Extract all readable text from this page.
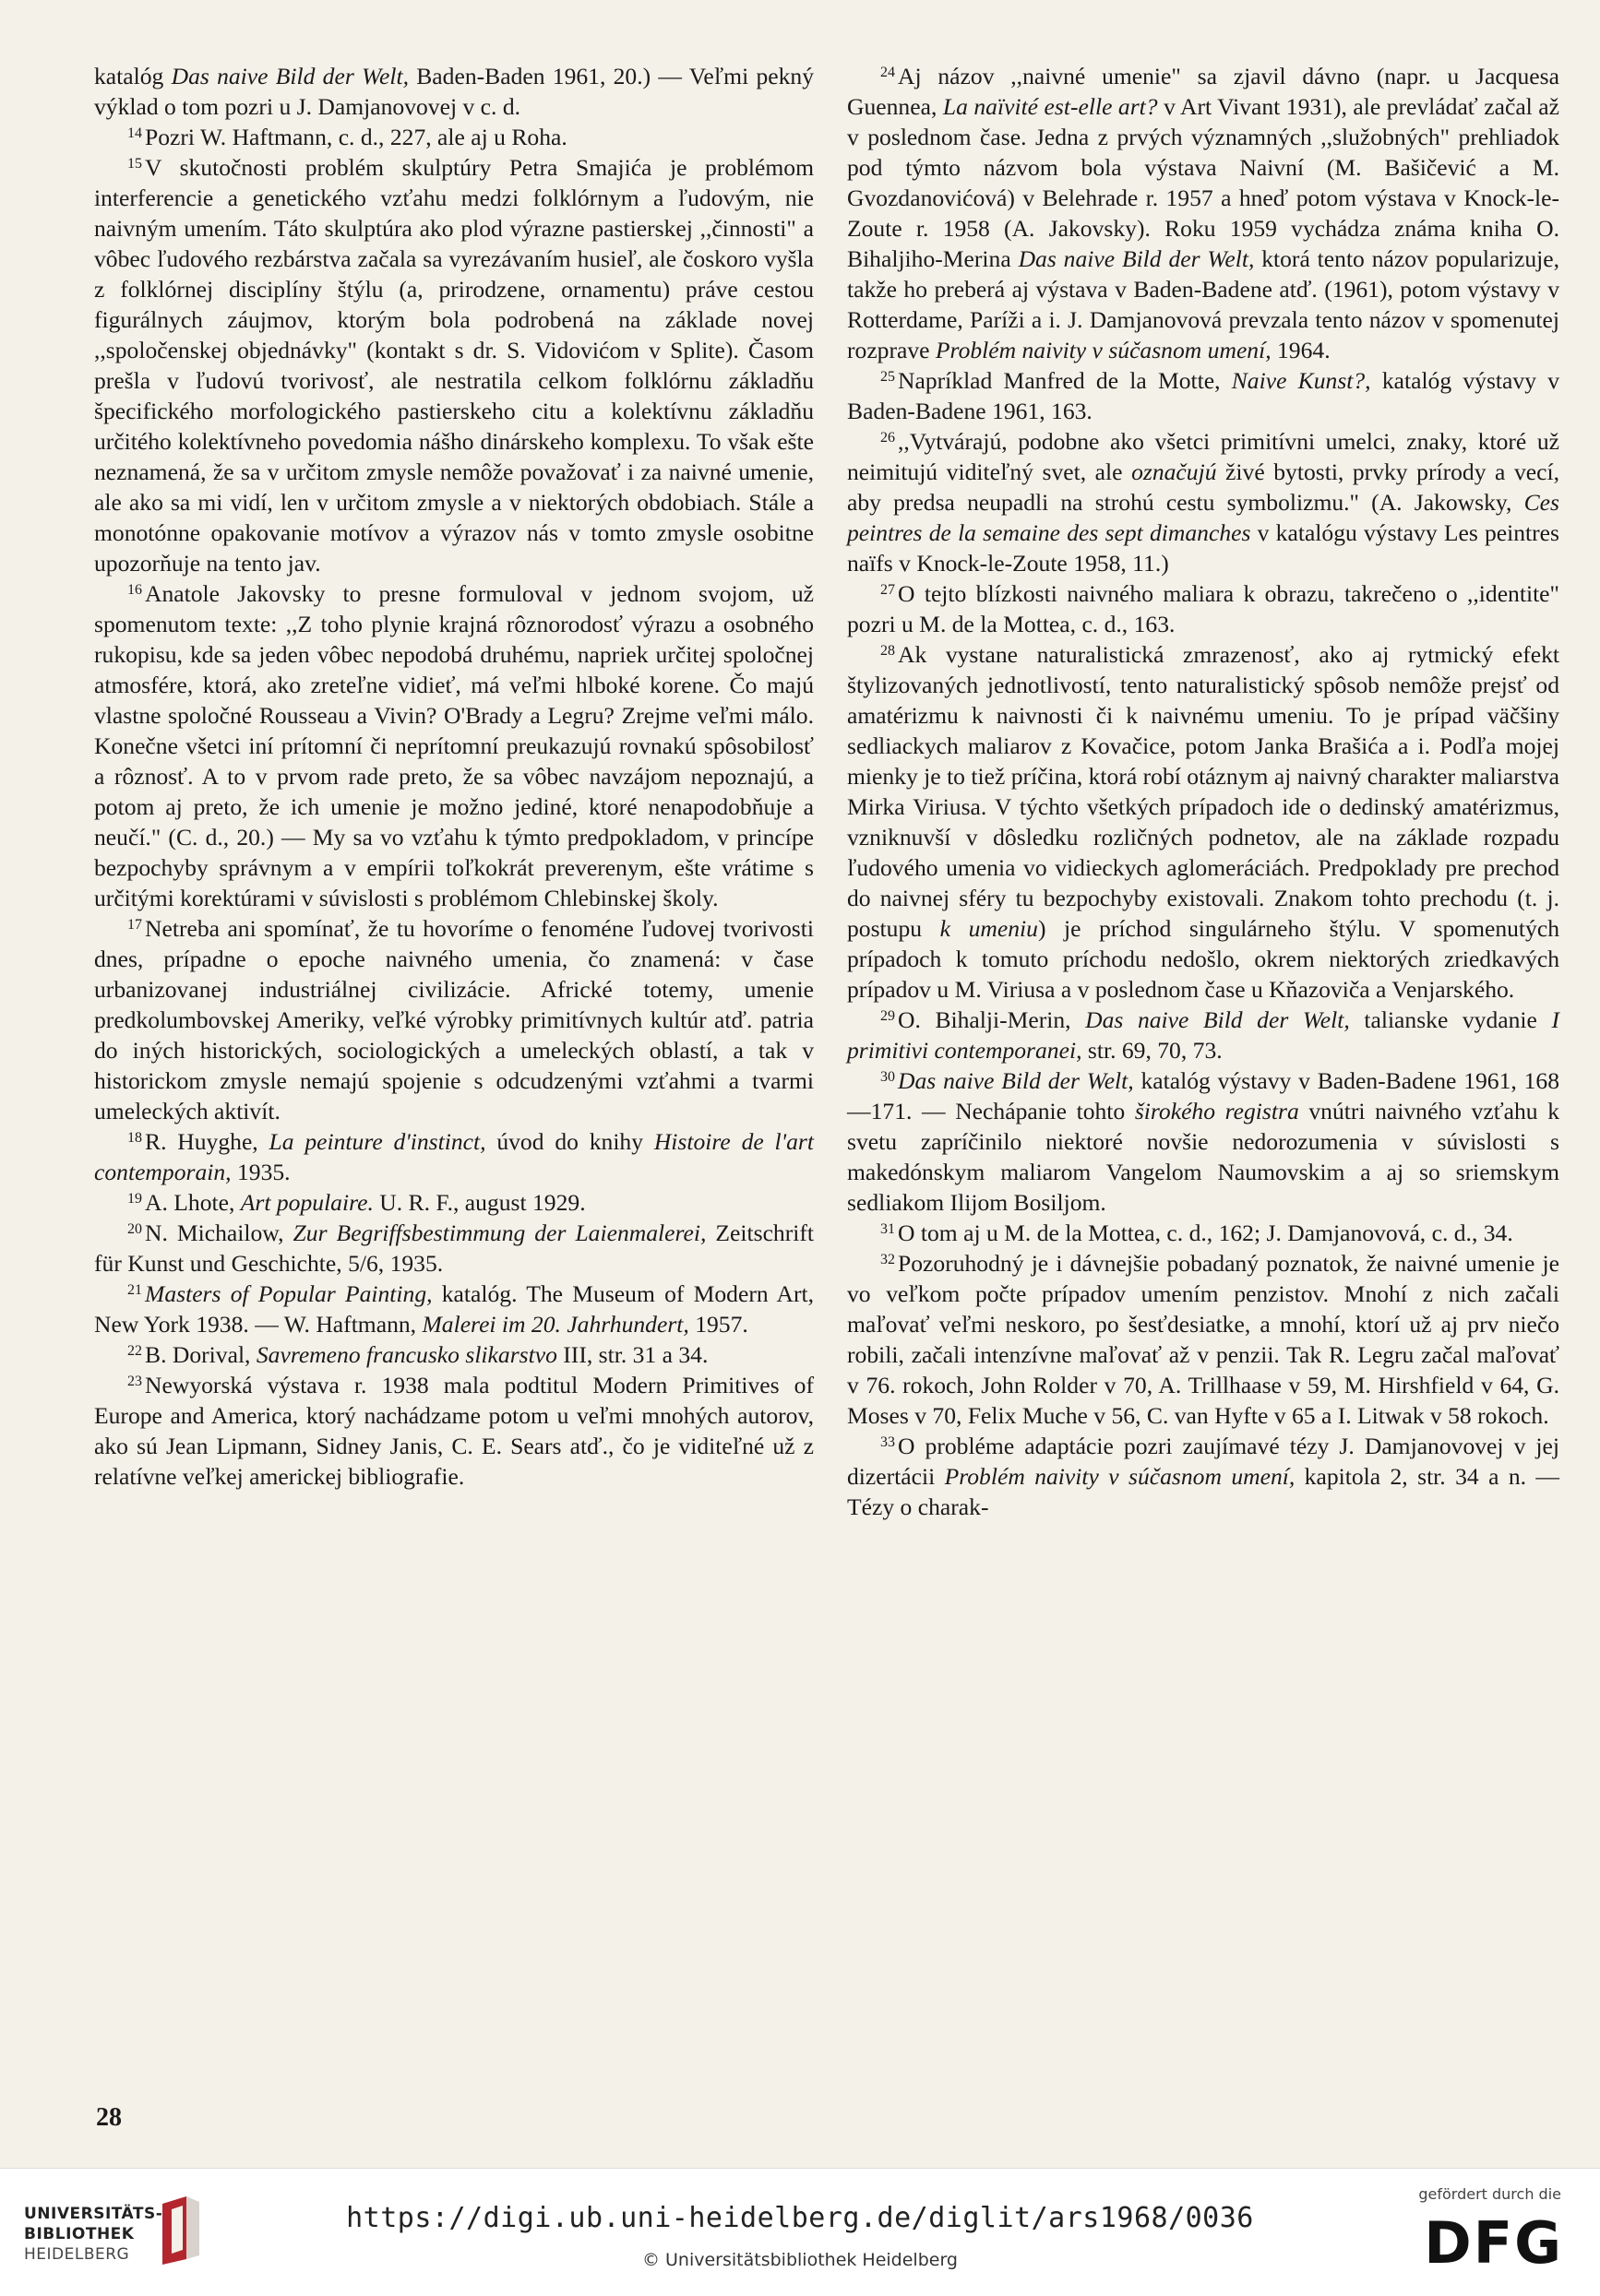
katalóg Das naive Bild der Welt, Baden-Baden 1961, 20.) — Veľmi pekný výklad o tom pozri u J. Damjanovovej v c. d.

$^{14}$ Pozri W. Haftmann, c. d., 227, ale aj u Roha.

$^{15}$ V skutočnosti problém skulptúry Petra Smajića je problémom interferencie a genetického vzťahu medzi folklórnym a ľudovým, nie naivným umením. Táto skulptúra ako plod výrazne pastierskej ,,činnosti" a vôbec ľudového rezbárstva začala sa vyrezávaním husieľ, ale čoskoro vyšla z folklórnej disciplíny štýlu (a, prirodzene, ornamentu) práve cestou figurálnych záujmov, ktorým bola podrobená na základe novej ,,spoločenskej objednávky" (kontakt s dr. S. Vidovićom v Splite). Časom prešla v ľudovú tvorivosť, ale nestratila celkom folklórnu základňu špecifického morfologického pastierskeho citu a kolektívnu základňu určitého kolektívneho povedomia nášho dinárskeho komplexu. To však ešte neznamená, že sa v určitom zmysle nemôže považovať i za naivné umenie, ale ako sa mi vidí, len v určitom zmysle a v niektorých obdobiach. Stále a monotónne opakovanie motívov a výrazov nás v tomto zmysle osobitne upozorňuje na tento jav.

$^{16}$ Anatole Jakovsky to presne formuloval v jednom svojom, už spomenutom texte: ,,Z toho plynie krajná rôznorodosť výrazu a osobného rukopisu, kde sa jeden vôbec nepodobá druhému, napriek určitej spoločnej atmosfére, ktorá, ako zreteľne vidieť, má veľmi hlboké korene. Čo majú vlastne spoločné Rousseau a Vivin? O'Brady a Legru? Zrejme veľmi málo. Konečne všetci iní prítomní či neprítomní preukazujú rovnakú spôsobilosť a rôznosť. A to v prvom rade preto, že sa vôbec navzájom nepoznajú, a potom aj preto, že ich umenie je možno jediné, ktoré nenapodobňuje a neučí." (C. d., 20.) — My sa vo vzťahu k týmto predpokladom, v princípe bezpochyby správnym a v empírii toľkokrát preverenym, ešte vrátime s určitými korektúrami v súvislosti s problémom Chlebinskej školy.

$^{17}$ Netreba ani spomínať, že tu hovoríme o fenoméne ľudovej tvorivosti dnes, prípadne o epoche naivného umenia, čo znamená: v čase urbanizovanej industriálnej civilizácie. Africké totemy, umenie predkolumbovskej Ameriky, veľké výrobky primitívnych kultúr atď. patria do iných historických, sociologických a umeleckých oblastí, a tak v historickom zmysle nemajú spojenie s odcudzenými vzťahmi a tvarmi umeleckých aktivít.

$^{18}$ R. Huyghe, La peinture d'instinct, úvod do knihy Histoire de l'art contemporain, 1935.

$^{19}$ A. Lhote, Art populaire. U. R. F., august 1929.

$^{20}$ N. Michailow, Zur Begriffsbestimmung der Laienmalerei, Zeitschrift für Kunst und Geschichte, 5/6, 1935.

$^{21}$ Masters of Popular Painting, katalóg. The Museum of Modern Art, New York 1938. — W. Haftmann, Malerei im 20. Jahrhundert, 1957.

$^{22}$ B. Dorival, Savremeno francusko slikarstvo III, str. 31 a 34.

$^{23}$ Newyorská výstava r. 1938 mala podtitul Modern Primitives of Europe and America, ktorý nachádzame potom u veľmi mnohých autorov, ako sú Jean Lipmann, Sidney Janis, C. E. Sears atď., čo je viditeľné už z relatívne veľkej americkej bibliografie.

$^{24}$ Aj názov ,,naivné umenie" sa zjavil dávno (napr. u Jacquesa Guennea, La naïvité est-elle art? v Art Vivant 1931), ale prevládať začal až v poslednom čase. Jedna z prvých významných ,,služobných" prehliadok pod týmto názvom bola výstava Naivní (M. Bašičević a M. Gvozdanovićová) v Belehrade r. 1957 a hneď potom výstava v Knock-le-Zoute r. 1958 (A. Jakovsky). Roku 1959 vychádza známa kniha O. Bihalјiho-Merina Das naive Bild der Welt, ktorá tento názov popularizuje, takže ho preberá aj výstava v Baden-Badene atď. (1961), potom výstavy v Rotterdame, Paríži a i. J. Damjanovová prevzala tento názov v spomenutej rozprave Problém naivity v súčasnom umení, 1964.

$^{25}$ Napríklad Manfred de la Motte, Naive Kunst?, katalóg výstavy v Baden-Badene 1961, 163.

$^{26}$ ,,Vytvárajú, podobne ako všetci primitívni umelci, znaky, ktoré už neimitujú viditeľný svet, ale označujú živé bytosti, prvky prírody a vecí, aby predsa neupadli na strohú cestu symbolizmu." (A. Jakowsky, Ces peintres de la semaine des sept dimanches v katalógu výstavy Les peintres naïfs v Knock-le-Zoute 1958, 11.)

$^{27}$ O tejto blízkosti naivného maliara k obrazu, takrečeno o ,,identite" pozri u M. de la Mottea, c. d., 163.

$^{28}$ Ak vystane naturalistická zmrazenosť, ako aj rytmický efekt štylizovaných jednotlivostí, tento naturalistický spôsob nemôže prejsť od amatérizmu k naivnosti či k naivnému umeniu. To je prípad väčšiny sedliackych maliarov z Kovačice, potom Janka Brašića a i. Podľa mojej mienky je to tiež príčina, ktorá robí otáznym aj naivný charakter maliarstva Mirka Viriusa. V týchto všetkých prípadoch ide o dedinský amatérizmus, vzniknuvší v dôsledku rozličných podnetov, ale na základe rozpadu ľudového umenia vo vidieckych aglomeráciách. Predpoklady pre prechod do naivnej sféry tu bezpochyby existovali. Znakom tohto prechodu (t. j. postupu k umeniu) je príchod singulárneho štýlu. V spomenutých prípadoch k tomuto príchodu nedošlo, okrem niektorých zriedkavých prípadov u M. Viriusa a v poslednom čase u Kňazoviča a Venjarského.

$^{29}$ O. Bihalji-Merin, Das naive Bild der Welt, talianske vydanie I primitivi contemporanei, str. 69, 70, 73.

$^{30}$ Das naive Bild der Welt, katalóg výstavy v Baden-Badene 1961, 168—171. — Nechápanie tohto širokého registra vnútri naivného vzťahu k svetu zapríčinilo niektoré novšie nedorozumenia v súvislosti s makedónskym maliarom Vangelom Naumovskim a aj so sriemskym sedliakom Ilijom Bosiljom.

$^{31}$ O tom aj u M. de la Mottea, c. d., 162; J. Damjanovová, c. d., 34.

$^{32}$ Pozoruhodný je i dávnejšie pobadaný poznatok, že naivné umenie je vo veľkom počte prípadov umením penzistov. Mnohí z nich začali maľovať veľmi neskoro, po šesťdesiatke, a mnohí, ktorí už aj prv niečo robili, začali intenzívne maľovať až v penzii. Tak R. Legru začal maľovať v 76. rokoch, John Rolder v 70, A. Trillhaase v 59, M. Hirshfield v 64, G. Moses v 70, Felix Muche v 56, C. van Hyfte v 65 a I. Litwak v 58 rokoch.

$^{33}$ O probléme adaptácie pozri zaujímavé tézy J. Damjanovovej v jej dizertácii Problém naivity v súčasnom umení, kapitola 2, str. 34 a n. — Tézy o charak-

28
UNIVERSITÄTS-
BIBLIOTHEK
HEIDELBERG
https://digi.ub.uni-heidelberg.de/diglit/ars1968/0036
© Universitätsbibliothek Heidelberg
gefördert durch die
DFG
